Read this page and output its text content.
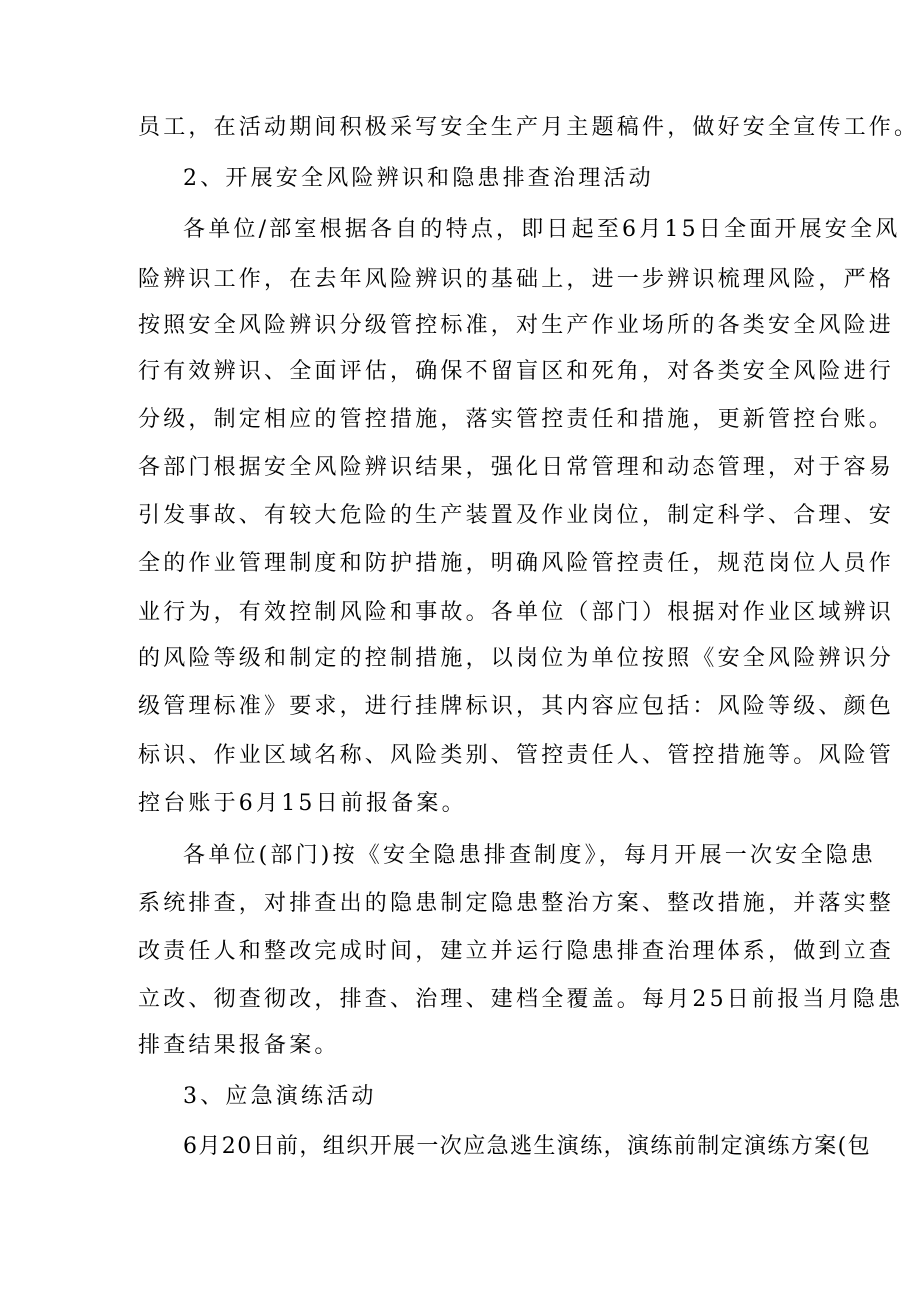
员工，在活动期间积极采写安全生产月主题稿件，做好安全宣传工作。
2、开展安全风险辨识和隐患排查治理活动
各单位/部室根据各自的特点，即日起至6月15日全面开展安全风
险辨识工作，在去年风险辨识的基础上，进一步辨识梳理风险，严格
按照安全风险辨识分级管控标准，对生产作业场所的各类安全风险进
行有效辨识、全面评估，确保不留盲区和死角，对各类安全风险进行
分级，制定相应的管控措施，落实管控责任和措施，更新管控台账。
各部门根据安全风险辨识结果，强化日常管理和动态管理，对于容易
引发事故、有较大危险的生产装置及作业岗位，制定科学、合理、安
全的作业管理制度和防护措施，明确风险管控责任，规范岗位人员作
业行为，有效控制风险和事故。各单位（部门）根据对作业区域辨识
的风险等级和制定的控制措施，以岗位为单位按照《安全风险辨识分
级管理标准》要求，进行挂牌标识，其内容应包括：风险等级、颜色
标识、作业区域名称、风险类别、管控责任人、管控措施等。风险管
控台账于6月15日前报备案。
各单位(部门)按《安全隐患排查制度》，每月开展一次安全隐患
系统排查，对排查出的隐患制定隐患整治方案、整改措施，并落实整
改责任人和整改完成时间，建立并运行隐患排查治理体系，做到立查
立改、彻查彻改，排查、治理、建档全覆盖。每月25日前报当月隐患
排查结果报备案。
3、应急演练活动
6月20日前，组织开展一次应急逃生演练，演练前制定演练方案(包
